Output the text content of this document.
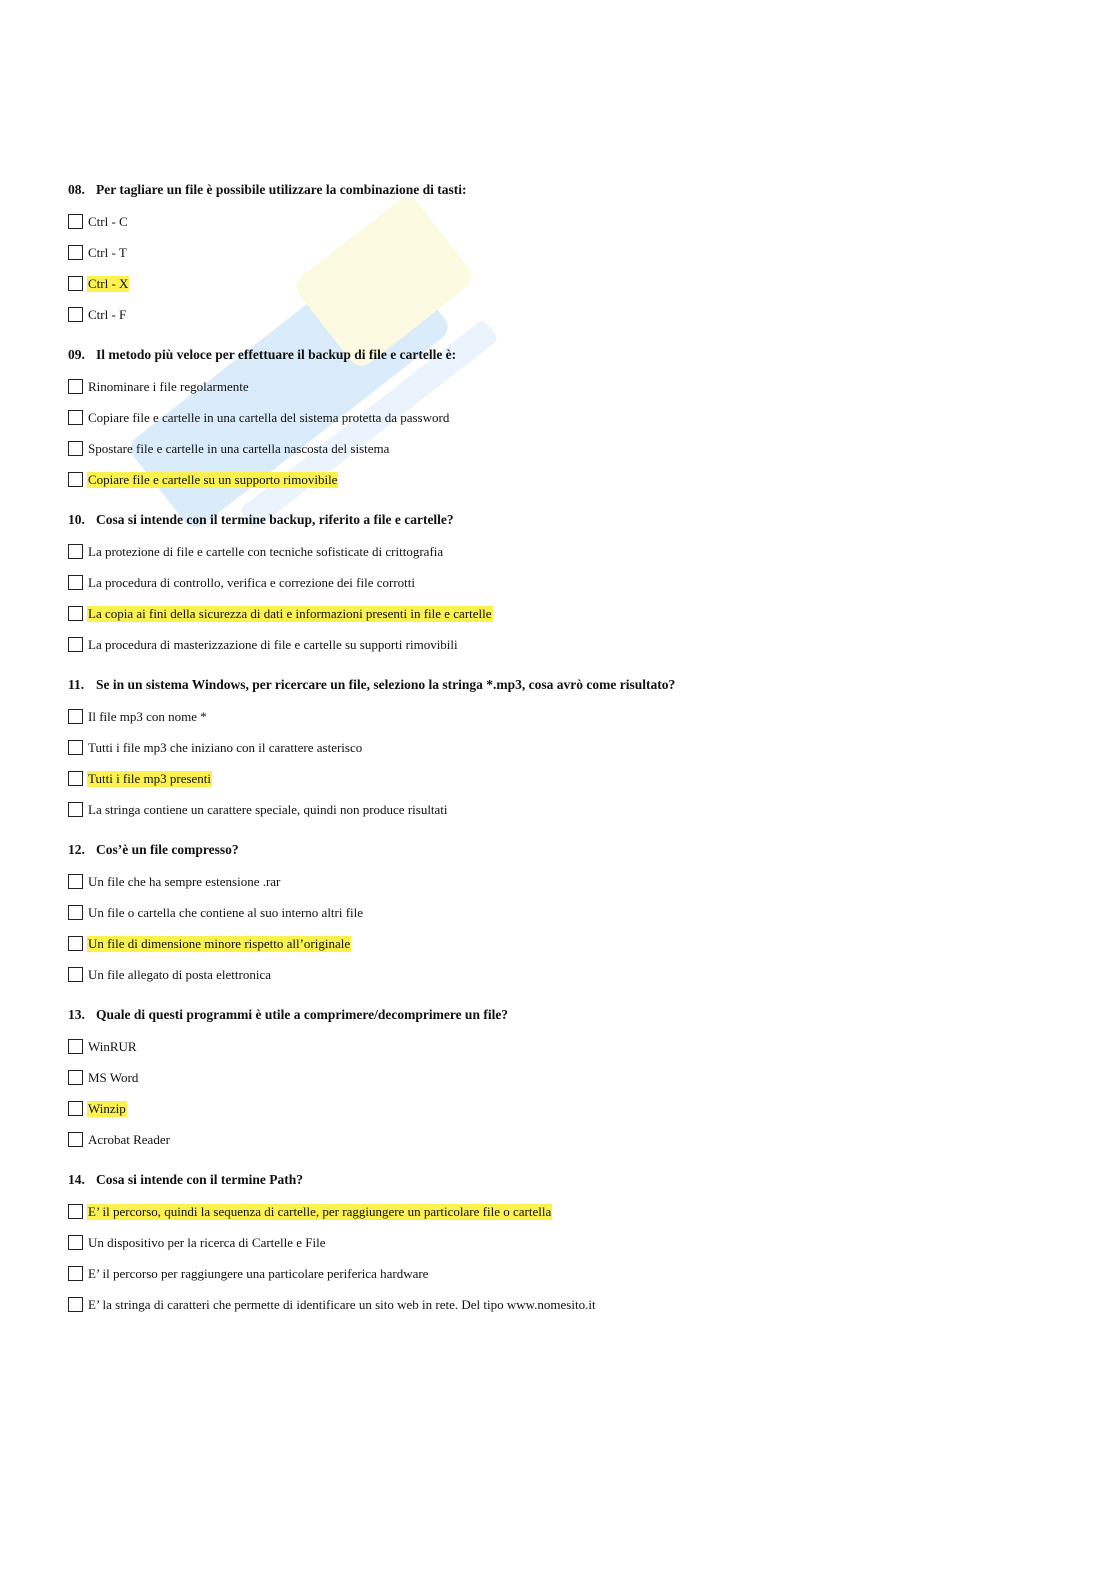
08. Per tagliare un file è possibile utilizzare la combinazione di tasti:
Ctrl - C
Ctrl - T
Ctrl - X
Ctrl - F
09. Il metodo più veloce per effettuare il backup di file e cartelle è:
Rinominare i file regolarmente
Copiare file e cartelle in una cartella del sistema protetta da password
Spostare file e cartelle in una cartella nascosta del sistema
Copiare file e cartelle su un supporto rimovibile
10. Cosa si intende con il termine backup, riferito a file e cartelle?
La protezione di file e cartelle con tecniche sofisticate di crittografia
La procedura di controllo, verifica e correzione dei file corrotti
La copia ai fini della sicurezza di dati e informazioni presenti in file e cartelle
La procedura di masterizzazione di file e cartelle su supporti rimovibili
11. Se in un sistema Windows, per ricercare un file, seleziono la stringa *.mp3, cosa avrò come risultato?
Il file mp3 con nome *
Tutti i file mp3 che iniziano con il carattere asterisco
Tutti i file mp3 presenti
La stringa contiene un carattere speciale, quindi non produce risultati
12. Cos’è un file compresso?
Un file che ha sempre estensione .rar
Un file o cartella che contiene al suo interno altri file
Un file di dimensione minore rispetto all’originale
Un file allegato di posta elettronica
13. Quale di questi programmi è utile a comprimere/decomprimere un file?
WinRUR
MS Word
Winzip
Acrobat Reader
14. Cosa si intende con il termine Path?
E’ il percorso, quindi la sequenza di cartelle, per raggiungere un particolare file o cartella
Un dispositivo per la ricerca di Cartelle e File
E’ il percorso per raggiungere una particolare periferica hardware
E’ la stringa di caratteri che permette di identificare un sito web in rete. Del tipo www.nomesito.it
